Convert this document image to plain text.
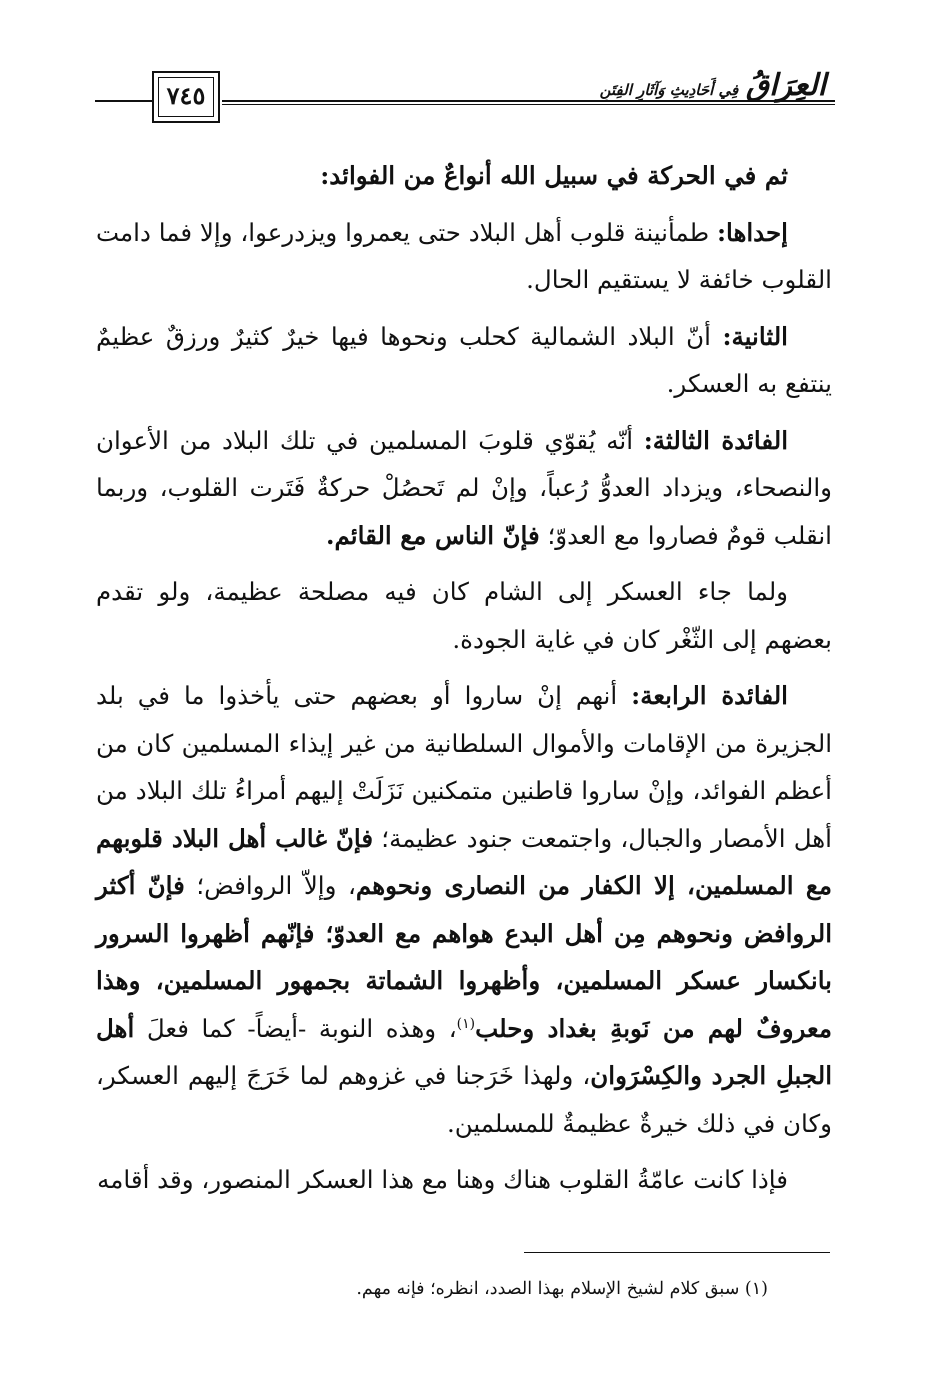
٧٤٥	العِرَاقُ فِي أَحَادِيثِ وَآثَارِ الفِتَنِ

ثم في الحركة في سبيل الله أنواعٌ من الفوائد:

إحداها: طمأنينة قلوب أهل البلاد حتى يعمروا ويزدرعوا، وإلا فما دامت القلوب خائفة لا يستقيم الحال.

الثانية: أنّ البلاد الشمالية كحلب ونحوها فيها خيرٌ كثيرٌ ورزقٌ عظيمٌ ينتفع به العسكر.

الفائدة الثالثة: أنّه يُقوّي قلوبَ المسلمين في تلك البلاد من الأعوان والنصحاء، ويزداد العدوُّ رُعباً، وإنْ لم تَحصُلْ حركةٌ فَتَرت القلوب، وربما انقلب قومٌ فصاروا مع العدوّ؛ فإنّ الناس مع القائم.

ولما جاء العسكر إلى الشام كان فيه مصلحة عظيمة، ولو تقدم بعضهم إلى الثّغْر كان في غاية الجودة.

الفائدة الرابعة: أنهم إنْ ساروا أو بعضهم حتى يأخذوا ما في بلد الجزيرة من الإقامات والأموال السلطانية من غير إيذاء المسلمين كان من أعظم الفوائد، وإنْ ساروا قاطنين متمكنين نَزَلَتْ إليهم أمراءُ تلك البلاد من أهل الأمصار والجبال، واجتمعت جنود عظيمة؛ فإنّ غالب أهل البلاد قلوبهم مع المسلمين، إلا الكفار من النصارى ونحوهم، وإلاّ الروافض؛ فإنّ أكثر الروافض ونحوهم مِن أهل البدع هواهم مع العدوّ؛ فإنّهم أظهروا السرور بانكسار عسكر المسلمين، وأظهروا الشماتة بجمهور المسلمين، وهذا معروفٌ لهم من نَوبةِ بغداد وحلب$^{(١)}$، وهذه النوبة -أيضاً- كما فعلَ أهل الجبلِ الجرد والكِسْرَوان، ولهذا خَرَجنا في غزوهم لما خَرَجَ إليهم العسكر، وكان في ذلك خيرةٌ عظيمةٌ للمسلمين.

فإذا كانت عامّةُ القلوب هناك وهنا مع هذا العسكر المنصور، وقد أقامه

(١) سبق كلام لشيخ الإسلام بهذا الصدد، انظره؛ فإنه مهم.
